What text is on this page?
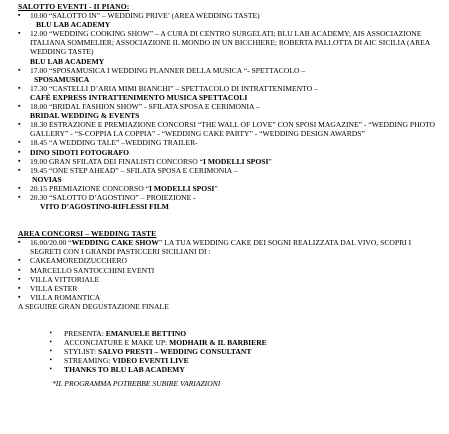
SALOTTO EVENTI - II PIANO:
▪	10.00 “SALOTTO IN” – WEDDING PRIVE’ (AREA WEDDING TASTE)
BLU LAB ACADEMY
▪	12.00 “WEDDING COOKING SHOW” – A CURA DI CENTRO SURGELATI; BLU LAB ACADEMY; AIS ASSOCIAZIONE ITALIANA SOMMELIER; ASSOCIAZIONE IL MONDO IN UN BICCHIERE; ROBERTA PALLOTTA DI AIC SICILIA (AREA WEDDING TASTE)
BLU LAB ACADEMY
▪	17.00 “SPOSAMUSICA I WEDDING PLANNER DELLA MUSICA “- SPETTACOLO –
SPOSAMUSICA
▪	17.30 “CASTELLI D’ARIA MIMI BIANCHI” – SPETTACOLO DI INTRATTENIMENTO –
CAFÈ EXPRESS INTRATTENIMENTO MUSICA SPETTACOLI
▪	18.00 “BRIDAL FASHION SHOW” - SFILATA SPOSA E CERIMONIA –
BRIDAL WEDDING & EVENTS
▪	18.30 ESTRAZIONE E PREMIAZIONE CONCORSI “THE WALL OF LOVE” CON SPOSI MAGAZINE” - “WEDDING PHOTO GALLERY” - “S-COPPIA LA COPPIA” - “WEDDING CAKE PARTY” - “WEDDING DESIGN AWARDS”
▪	18.45 “A WEDDING TALE” –WEDDING TRAILER-
▪	DINO SIDOTI FOTOGRAFO
▪	19.00 GRAN SFILATA DEI FINALISTI CONCORSO “I MODELLI SPOSI”
▪	19.45 “ONE STEP AHEAD” – SFILATA SPOSA E CERIMONIA –
NOVIAS
▪	20.15 PREMIAZIONE CONCORSO “I MODELLI SPOSI”
▪	20.30 “SALOTTO D’AGOSTINO” – PROIEZIONE -
VITO D’AGOSTINO-RIFLESSI FILM
AREA CONCORSI – WEDDING TASTE
▪	16.00/20.00 “WEDDING CAKE SHOW” LA TUA WEDDING CAKE DEI SOGNI REALIZZATA DAL VIVO, SCOPRI I SEGRETI CON I GRANDI PASTICCERI SICILIANI DI :
▪	CAKEAMOREDIZUCCHERO
▪	MARCELLO SANTOCCHINI EVENTI
▪	VILLA VITTORIALE
▪	VILLA ESTER
▪	VILLA ROMANTICA
A SEGUIRE GRAN DEGUSTAZIONE FINALE
•	PRESENTA: EMANUELE BETTINO
•	ACCONCIATURE E MAKE UP: MODHAIR & IL BARBIERE
•	STYLIST: SALVO PRESTI – WEDDING CONSULTANT
•	STREAMING: VIDEO EVENTI LIVE
•	THANKS TO BLU LAB ACADEMY
*IL PROGRAMMA POTREBBE SUBIRE VARIAZIONI
